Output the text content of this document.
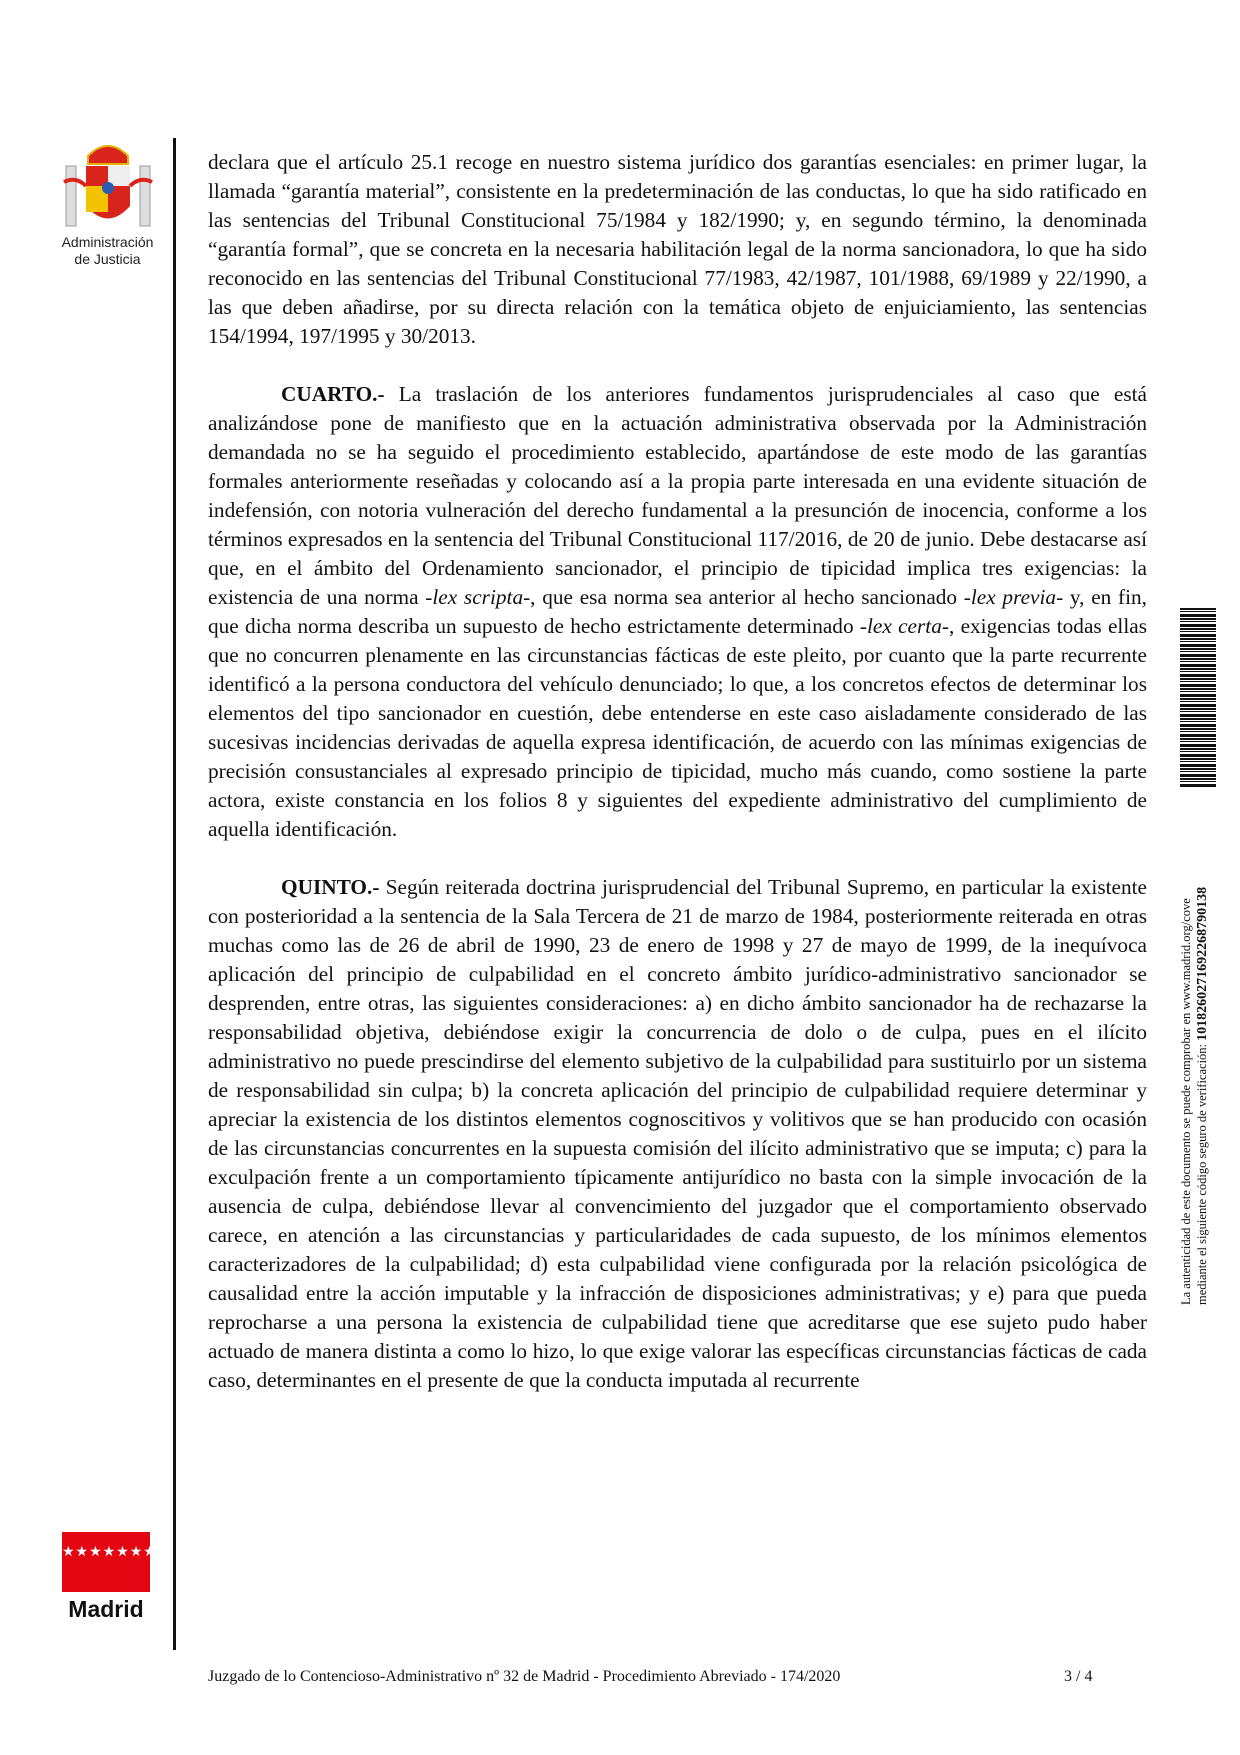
Administración
de Justicia
★★★★★★★
Madrid

declara que el artículo 25.1 recoge en nuestro sistema jurídico dos garantías esenciales: en primer lugar, la llamada “garantía material”, consistente en la predeterminación de las conductas, lo que ha sido ratificado en las sentencias del Tribunal Constitucional 75/1984 y 182/1990; y, en segundo término, la denominada “garantía formal”, que se concreta en la necesaria habilitación legal de la norma sancionadora, lo que ha sido reconocido en las sentencias del Tribunal Constitucional 77/1983, 42/1987, 101/1988, 69/1989 y 22/1990, a las que deben añadirse, por su directa relación con la temática objeto de enjuiciamiento, las sentencias 154/1994, 197/1995 y 30/2013.

CUARTO.- La traslación de los anteriores fundamentos jurisprudenciales al caso que está analizándose pone de manifiesto que en la actuación administrativa observada por la Administración demandada no se ha seguido el procedimiento establecido, apartándose de este modo de las garantías formales anteriormente reseñadas y colocando así a la propia parte interesada en una evidente situación de indefensión, con notoria vulneración del derecho fundamental a la presunción de inocencia, conforme a los términos expresados en la sentencia del Tribunal Constitucional 117/2016, de 20 de junio. Debe destacarse así que, en el ámbito del Ordenamiento sancionador, el principio de tipicidad implica tres exigencias: la existencia de una norma -lex scripta-, que esa norma sea anterior al hecho sancionado -lex previa- y, en fin, que dicha norma describa un supuesto de hecho estrictamente determinado -lex certa-, exigencias todas ellas que no concurren plenamente en las circunstancias fácticas de este pleito, por cuanto que la parte recurrente identificó a la persona conductora del vehículo denunciado; lo que, a los concretos efectos de determinar los elementos del tipo sancionador en cuestión, debe entenderse en este caso aisladamente considerado de las sucesivas incidencias derivadas de aquella expresa identificación, de acuerdo con las mínimas exigencias de precisión consustanciales al expresado principio de tipicidad, mucho más cuando, como sostiene la parte actora, existe constancia en los folios 8 y siguientes del expediente administrativo del cumplimiento de aquella identificación.

QUINTO.- Según reiterada doctrina jurisprudencial del Tribunal Supremo, en particular la existente con posterioridad a la sentencia de la Sala Tercera de 21 de marzo de 1984, posteriormente reiterada en otras muchas como las de 26 de abril de 1990, 23 de enero de 1998 y 27 de mayo de 1999, de la inequívoca aplicación del principio de culpabilidad en el concreto ámbito jurídico-administrativo sancionador se desprenden, entre otras, las siguientes consideraciones: a) en dicho ámbito sancionador ha de rechazarse la responsabilidad objetiva, debiéndose exigir la concurrencia de dolo o de culpa, pues en el ilícito administrativo no puede prescindirse del elemento subjetivo de la culpabilidad para sustituirlo por un sistema de responsabilidad sin culpa; b) la concreta aplicación del principio de culpabilidad requiere determinar y apreciar la existencia de los distintos elementos cognoscitivos y volitivos que se han producido con ocasión de las circunstancias concurrentes en la supuesta comisión del ilícito administrativo que se imputa; c) para la exculpación frente a un comportamiento típicamente antijurídico no basta con la simple invocación de la ausencia de culpa, debiéndose llevar al convencimiento del juzgador que el comportamiento observado carece, en atención a las circunstancias y particularidades de cada supuesto, de los mínimos elementos caracterizadores de la culpabilidad; d) esta culpabilidad viene configurada por la relación psicológica de causalidad entre la acción imputable y la infracción de disposiciones administrativas; y e) para que pueda reprocharse a una persona la existencia de culpabilidad tiene que acreditarse que ese sujeto pudo haber actuado de manera distinta a como lo hizo, lo que exige valorar las específicas circunstancias fácticas de cada caso, determinantes en el presente de que la conducta imputada al recurrente

La autenticidad de este documento se puede comprobar en www.madrid.org/cove mediante el siguiente código seguro de verificación: 1018260271692268790138
Juzgado de lo Contencioso-Administrativo nº 32 de Madrid - Procedimiento Abreviado - 174/2020	3 / 4
